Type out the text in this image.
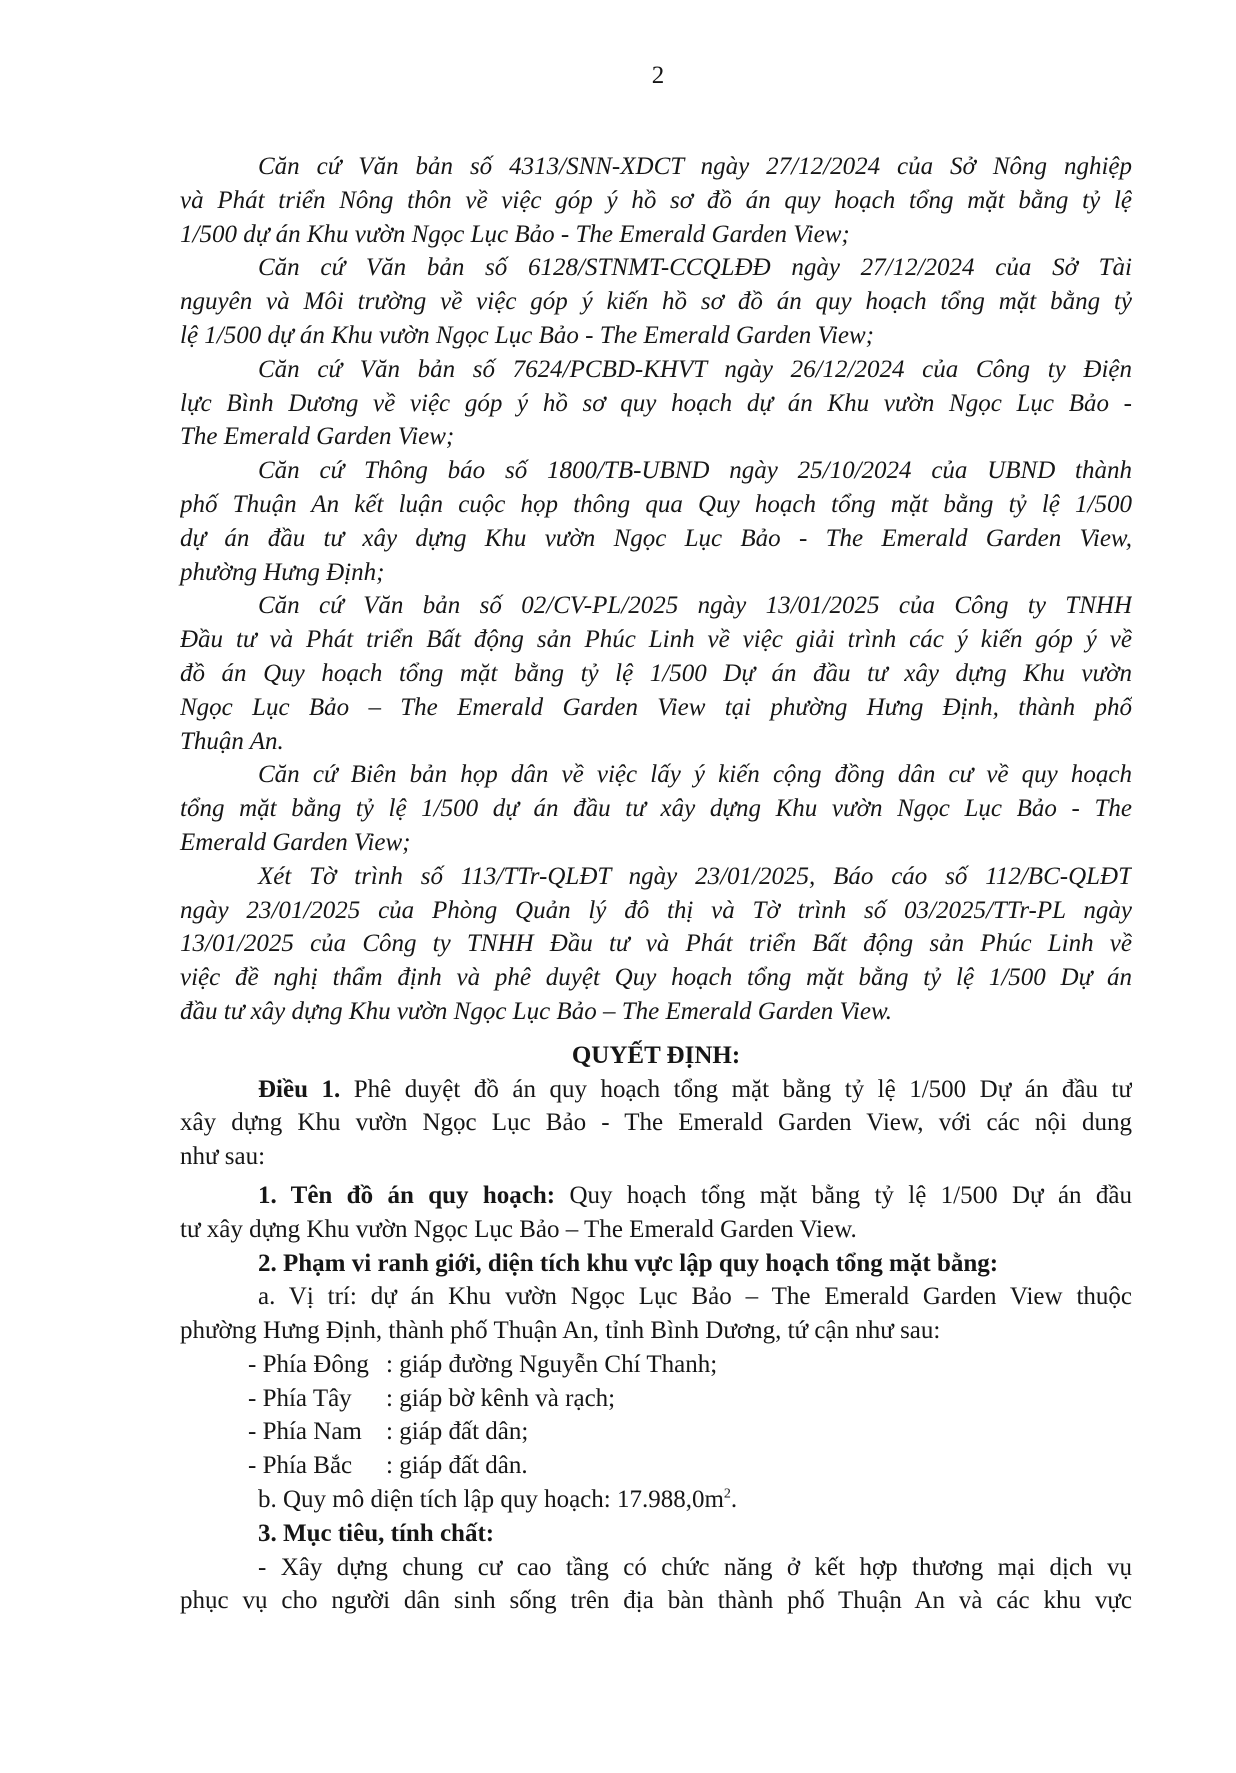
2
Căn cứ Văn bản số 4313/SNN-XDCT ngày 27/12/2024 của Sở Nông nghiệp
và Phát triển Nông thôn về việc góp ý hồ sơ đồ án quy hoạch tổng mặt bằng tỷ lệ
1/500 dự án Khu vườn Ngọc Lục Bảo - The Emerald Garden View;
Căn cứ Văn bản số 6128/STNMT-CCQLĐĐ ngày 27/12/2024 của Sở Tài
nguyên và Môi trường về việc góp ý kiến hồ sơ đồ án quy hoạch tổng mặt bằng tỷ
lệ 1/500 dự án Khu vườn Ngọc Lục Bảo - The Emerald Garden View;
Căn cứ Văn bản số 7624/PCBD-KHVT ngày 26/12/2024 của Công ty Điện
lực Bình Dương về việc góp ý hồ sơ quy hoạch dự án Khu vườn Ngọc Lục Bảo -
The Emerald Garden View;
Căn cứ Thông báo số 1800/TB-UBND ngày 25/10/2024 của UBND thành
phố Thuận An kết luận cuộc họp thông qua Quy hoạch tổng mặt bằng tỷ lệ 1/500
dự án đầu tư xây dựng Khu vườn Ngọc Lục Bảo - The Emerald Garden View,
phường Hưng Định;
Căn cứ Văn bản số 02/CV-PL/2025 ngày 13/01/2025 của Công ty TNHH
Đầu tư và Phát triển Bất động sản Phúc Linh về việc giải trình các ý kiến góp ý về
đồ án Quy hoạch tổng mặt bằng tỷ lệ 1/500 Dự án đầu tư xây dựng Khu vườn
Ngọc Lục Bảo – The Emerald Garden View tại phường Hưng Định, thành phố
Thuận An.
Căn cứ Biên bản họp dân về việc lấy ý kiến cộng đồng dân cư về quy hoạch
tổng mặt bằng tỷ lệ 1/500 dự án đầu tư xây dựng Khu vườn Ngọc Lục Bảo - The
Emerald Garden View;
Xét Tờ trình số 113/TTr-QLĐT ngày 23/01/2025, Báo cáo số 112/BC-QLĐT
ngày 23/01/2025 của Phòng Quản lý đô thị và Tờ trình số 03/2025/TTr-PL ngày
13/01/2025 của Công ty TNHH Đầu tư và Phát triển Bất động sản Phúc Linh về
việc đề nghị thẩm định và phê duyệt Quy hoạch tổng mặt bằng tỷ lệ 1/500 Dự án
đầu tư xây dựng Khu vườn Ngọc Lục Bảo – The Emerald Garden View.
QUYẾT ĐỊNH:
Điều 1. Phê duyệt đồ án quy hoạch tổng mặt bằng tỷ lệ 1/500 Dự án đầu tư
xây dựng Khu vườn Ngọc Lục Bảo - The Emerald Garden View, với các nội dung
như sau:
1. Tên đồ án quy hoạch: Quy hoạch tổng mặt bằng tỷ lệ 1/500 Dự án đầu
tư xây dựng Khu vườn Ngọc Lục Bảo – The Emerald Garden View.
2. Phạm vi ranh giới, diện tích khu vực lập quy hoạch tổng mặt bằng:
a. Vị trí: dự án Khu vườn Ngọc Lục Bảo – The Emerald Garden View thuộc
phường Hưng Định, thành phố Thuận An, tỉnh Bình Dương, tứ cận như sau:
- Phía Đông : giáp đường Nguyễn Chí Thanh;
- Phía Tây : giáp bờ kênh và rạch;
- Phía Nam : giáp đất dân;
- Phía Bắc : giáp đất dân.
b. Quy mô diện tích lập quy hoạch: $17.988,0m^2$.
3. Mục tiêu, tính chất:
- Xây dựng chung cư cao tầng có chức năng ở kết hợp thương mại dịch vụ
phục vụ cho người dân sinh sống trên địa bàn thành phố Thuận An và các khu vực
